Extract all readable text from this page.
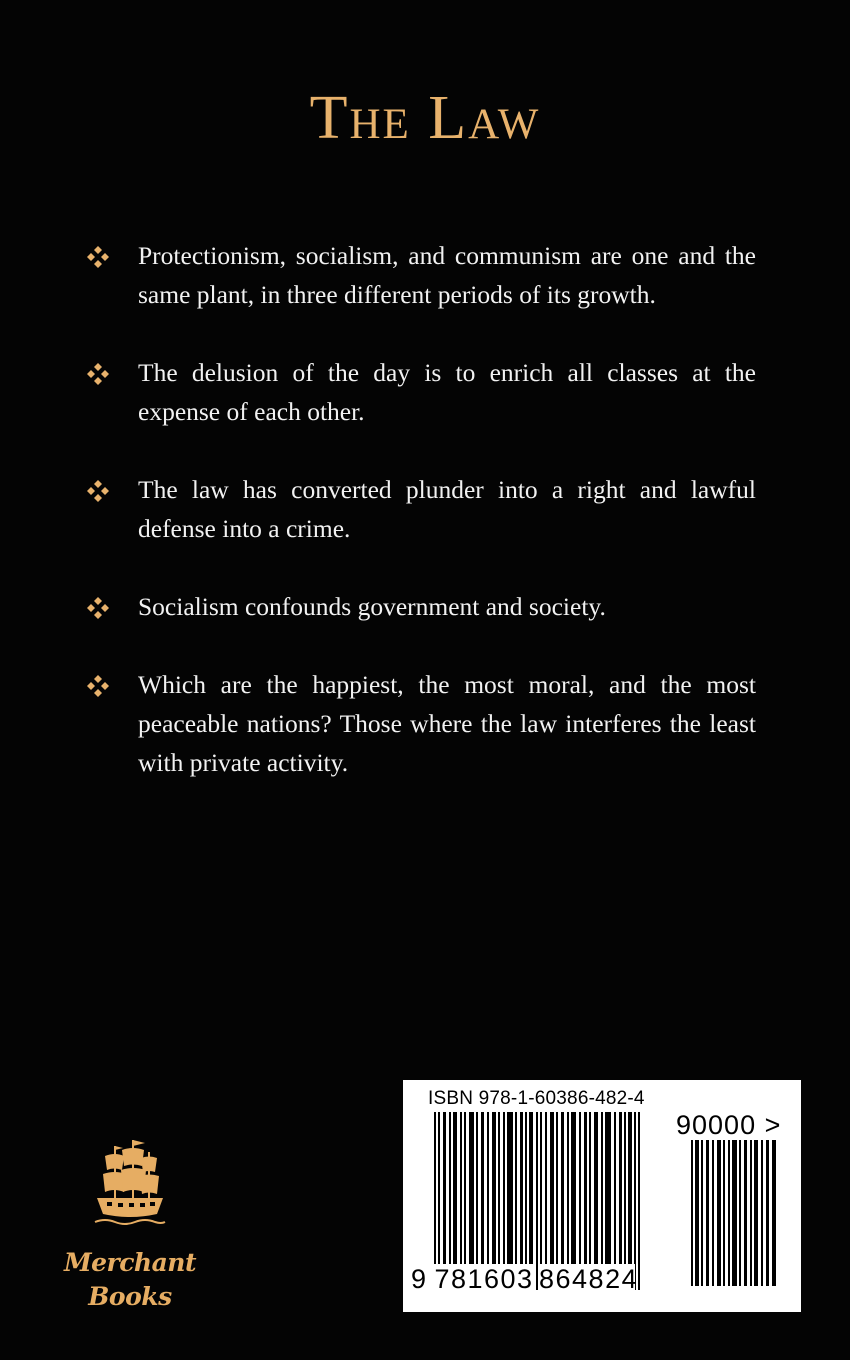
The Law
Protectionism, socialism, and communism are one and the same plant, in three different periods of its growth.
The delusion of the day is to enrich all classes at the expense of each other.
The law has converted plunder into a right and lawful defense into a crime.
Socialism confounds government and society.
Which are the happiest, the most moral, and the most peaceable nations? Those where the law interferes the least with private activity.
Merchant Books
ISBN 978-1-60386-482-4
90000 >
9 781603 864824
